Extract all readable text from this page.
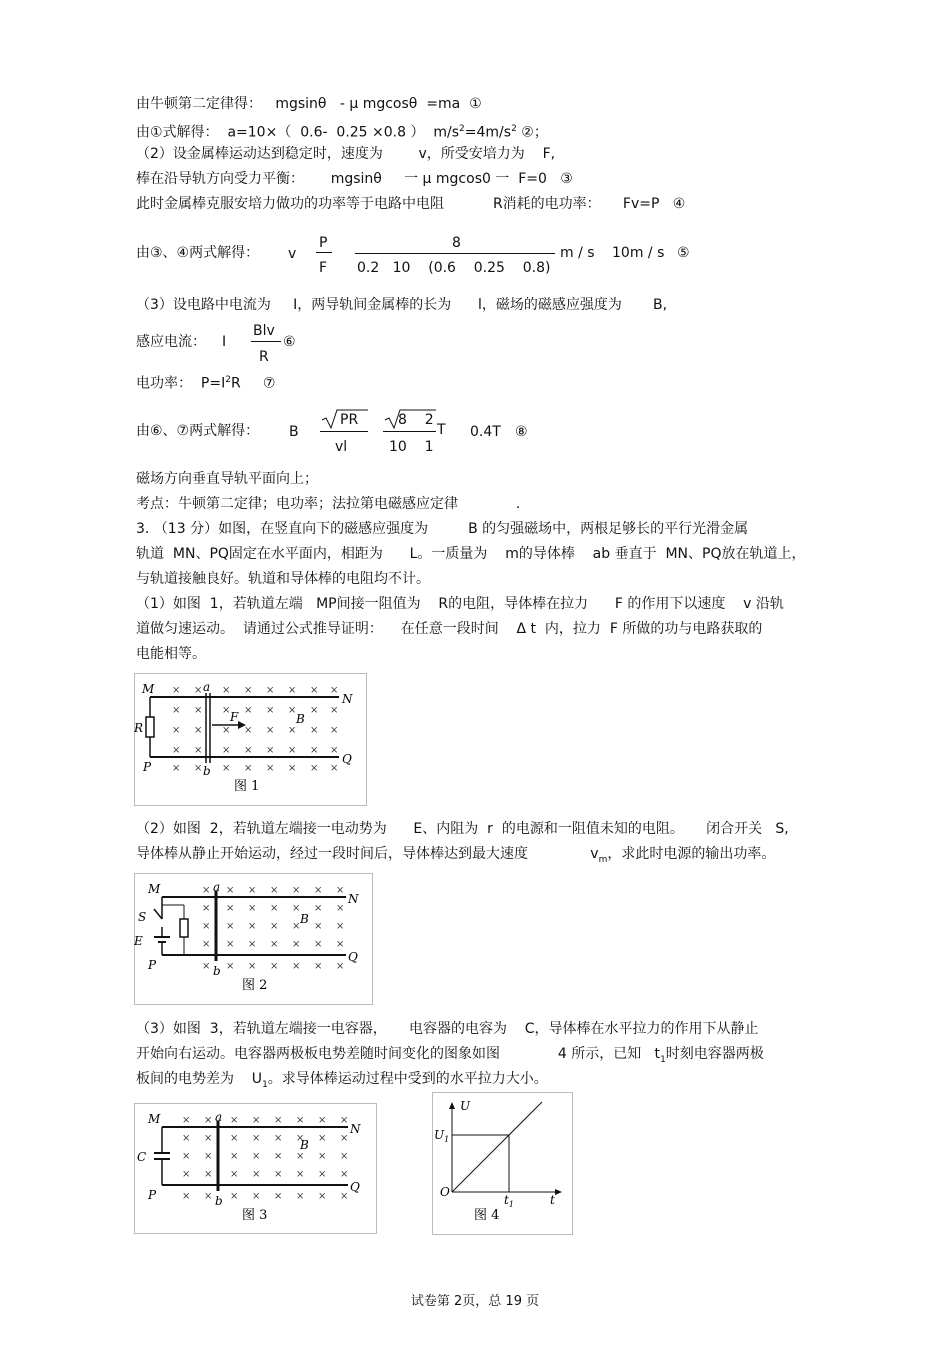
由牛顿第二定律得：   mgsinθ   - μ mgcosθ  =ma  ①
由①式解得：  a=10×（  0.6-  0.25 ×0.8 ）  $m/s^2=4m/s^2$ ②；
（2）设金属棒运动达到稳定时，速度为        v，所受安培力为    F,
棒在沿导轨方向受力平衡：      mgsinθ     一 μ mgcos0 一  F=0   ③
此时金属棒克服安培力做功的功率等于电路中电阻           R消耗的电功率：     Fv=P   ④
由③、④两式解得： v
P
F
8
0.2   10    (0.6    0.25    0.8)
m / s 10m / s ⑤
（3）设电路中电流为     I，两导轨间金属棒的长为      l，磁场的磁感应强度为       B,
感应电流： I
Blv
R
⑥
电功率：  $P=I^2R$     ⑦
由⑥、⑦两式解得： B
PR
vl
8    2
10    1
T 0.4T ⑧
磁场方向垂直导轨平面向上；
考点：牛顿第二定律；电功率；法拉第电磁感应定律             .
3. （13 分）如图，在竖直向下的磁感应强度为         B 的匀强磁场中，两根足够长的平行光滑金属
轨道  MN、PQ固定在水平面内，相距为      L。一质量为    m的导体棒    ab 垂直于  MN、PQ放在轨道上，
与轨道接触良好。轨道和导体棒的电阻均不计。
（1）如图  1，若轨道左端   MP间接一阻值为    R的电阻，导体棒在拉力      F 的作用下以速度    v 沿轨
道做匀速运动。  请通过公式推导证明：    在任意一段时间    Δ t  内，拉力  F 所做的功与电路获取的
电能相等。
× × × × × × × ×
× × × × × × × ×
× × × × × × × ×
× × × × × × × ×
× × × × × × × ×
M
N
P
Q
a
b
R
F	B
图 1
（2）如图  2，若轨道左端接一电动势为      E、内阻为  r  的电源和一阻值未知的电阻。     闭合开关   S,
导体棒从静止开始运动，经过一段时间后，导体棒达到最大速度              $v_m$，求此时电源的输出功率。
× × × × × × ×
× × × × × × ×
× × × × × × ×
× × × × × × ×
× × × × × × ×
M
N
P
Q
a
b
S
E
B
图 2
（3）如图  3，若轨道左端接一电容器，     电容器的电容为    C，导体棒在水平拉力的作用下从静止
开始向右运动。电容器两极板电势差随时间变化的图象如图             4 所示，已知   $t_1$时刻电容器两极
板间的电势差为    $U_1$。求导体棒运动过程中受到的水平拉力大小。
× × × × × × × ×
× × × × × × × ×
× × × × × × × ×
× × × × × × × ×
× × × × × × × ×
M
N
P
Q
a
b
C
B
图 3
U
$U_1$
O
$t_1$	t
图 4
试卷第 2页，总 19 页
